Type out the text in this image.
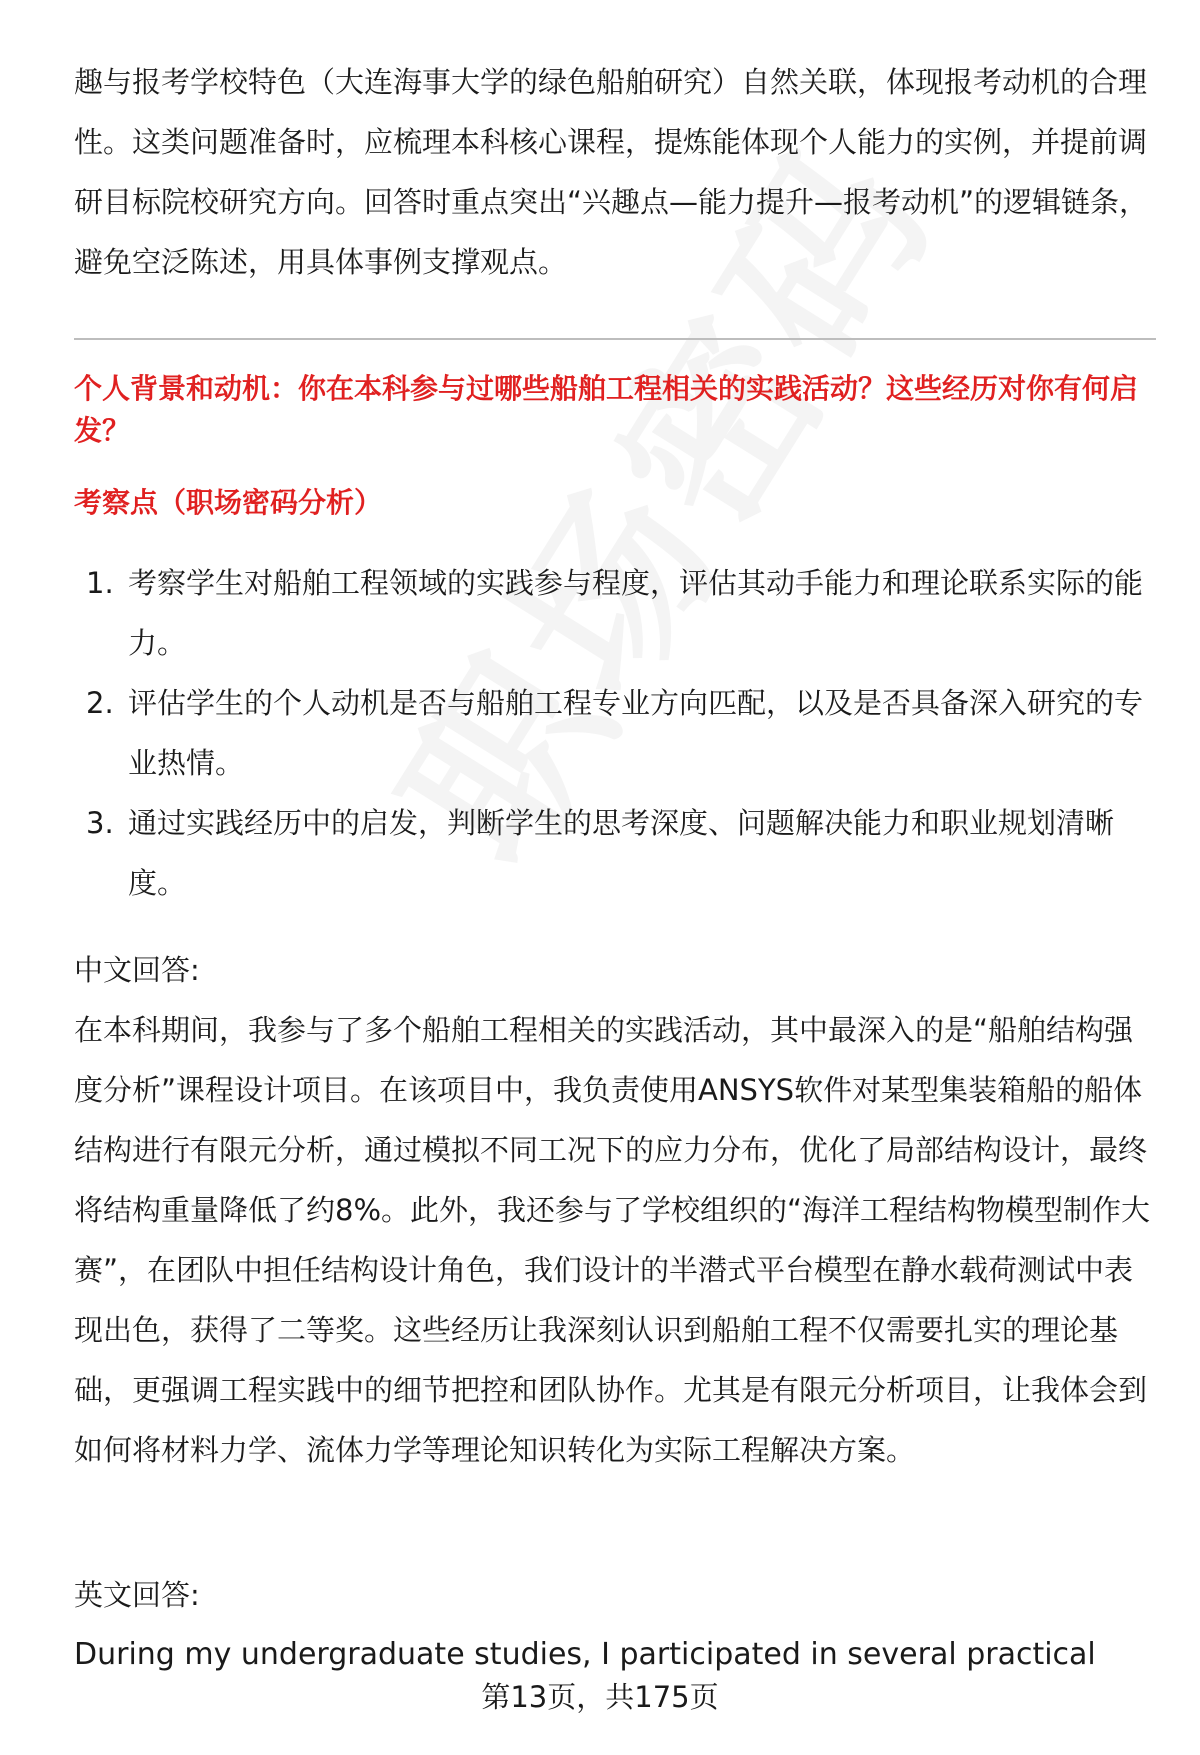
趣与报考学校特色（大连海事大学的绿色船舶研究）自然关联，体现报考动机的合理性。这类问题准备时，应梳理本科核心课程，提炼能体现个人能力的实例，并提前调研目标院校研究方向。回答时重点突出“兴趣点—能力提升—报考动机”的逻辑链条，避免空泛陈述，用具体事例支撑观点。

个人背景和动机：你在本科参与过哪些船舶工程相关的实践活动？这些经历对你有何启发？
考察点（职场密码分析）
1. 考察学生对船舶工程领域的实践参与程度，评估其动手能力和理论联系实际的能力。
2. 评估学生的个人动机是否与船舶工程专业方向匹配，以及是否具备深入研究的专业热情。
3. 通过实践经历中的启发，判断学生的思考深度、问题解决能力和职业规划清晰度。

中文回答:

在本科期间，我参与了多个船舶工程相关的实践活动，其中最深入的是“船舶结构强度分析”课程设计项目。在该项目中，我负责使用ANSYS软件对某型集装箱船的船体结构进行有限元分析，通过模拟不同工况下的应力分布，优化了局部结构设计，最终将结构重量降低了约8%。此外，我还参与了学校组织的“海洋工程结构物模型制作大赛”，在团队中担任结构设计角色，我们设计的半潜式平台模型在静水载荷测试中表现出色，获得了二等奖。这些经历让我深刻认识到船舶工程不仅需要扎实的理论基础，更强调工程实践中的细节把控和团队协作。尤其是有限元分析项目，让我体会到如何将材料力学、流体力学等理论知识转化为实际工程解决方案。

英文回答:

During my undergraduate studies, I participated in several practical

第13页，共175页
